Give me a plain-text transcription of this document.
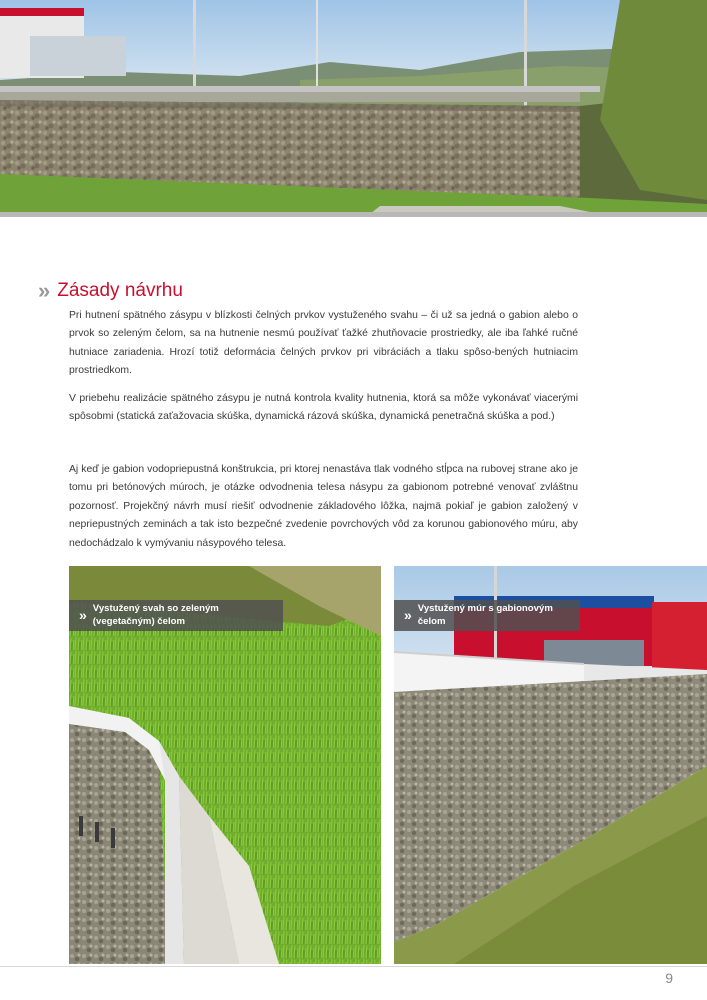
» Zásady návrhu

Pri hutnení spätného zásypu v blízkosti čelných prvkov vystuženého svahu – či už sa jedná o gabion alebo o prvok so zeleným čelom, sa na hutnenie nesmú používať ťažké zhutňovacie prostriedky, ale iba ľahké ručné hutniace zariadenia. Hrozí totiž deformácia čelných prvkov pri vibráciách a tlaku spôso-bených hutniacim prostriedkom.

V priebehu realizácie spätného zásypu je nutná kontrola kvality hutnenia, ktorá sa môže vykonávať viacerými spôsobmi (statická zaťažovacia skúška, dynamická rázová skúška, dynamická penetračná skúška a pod.)

Aj keď je gabion vodopriepustná konštrukcia, pri ktorej nenastáva tlak vodného stĺpca na rubovej strane ako je tomu pri betónových múroch, je otázke odvodnenia telesa násypu za gabionom potrebné venovať zvláštnu pozornosť. Projekčný návrh musí riešiť odvodnenie základového lôžka, najmä pokiaľ je gabion založený v nepriepustných zeminách a tak isto bezpečné zvedenie povrchových vôd za korunou gabionového múru, aby nedochádzalo k vymývaniu násypového telesa.

» Vystužený svah so zeleným (vegetačným) čelom	» Vystužený múr s gabionovým čelom
9
